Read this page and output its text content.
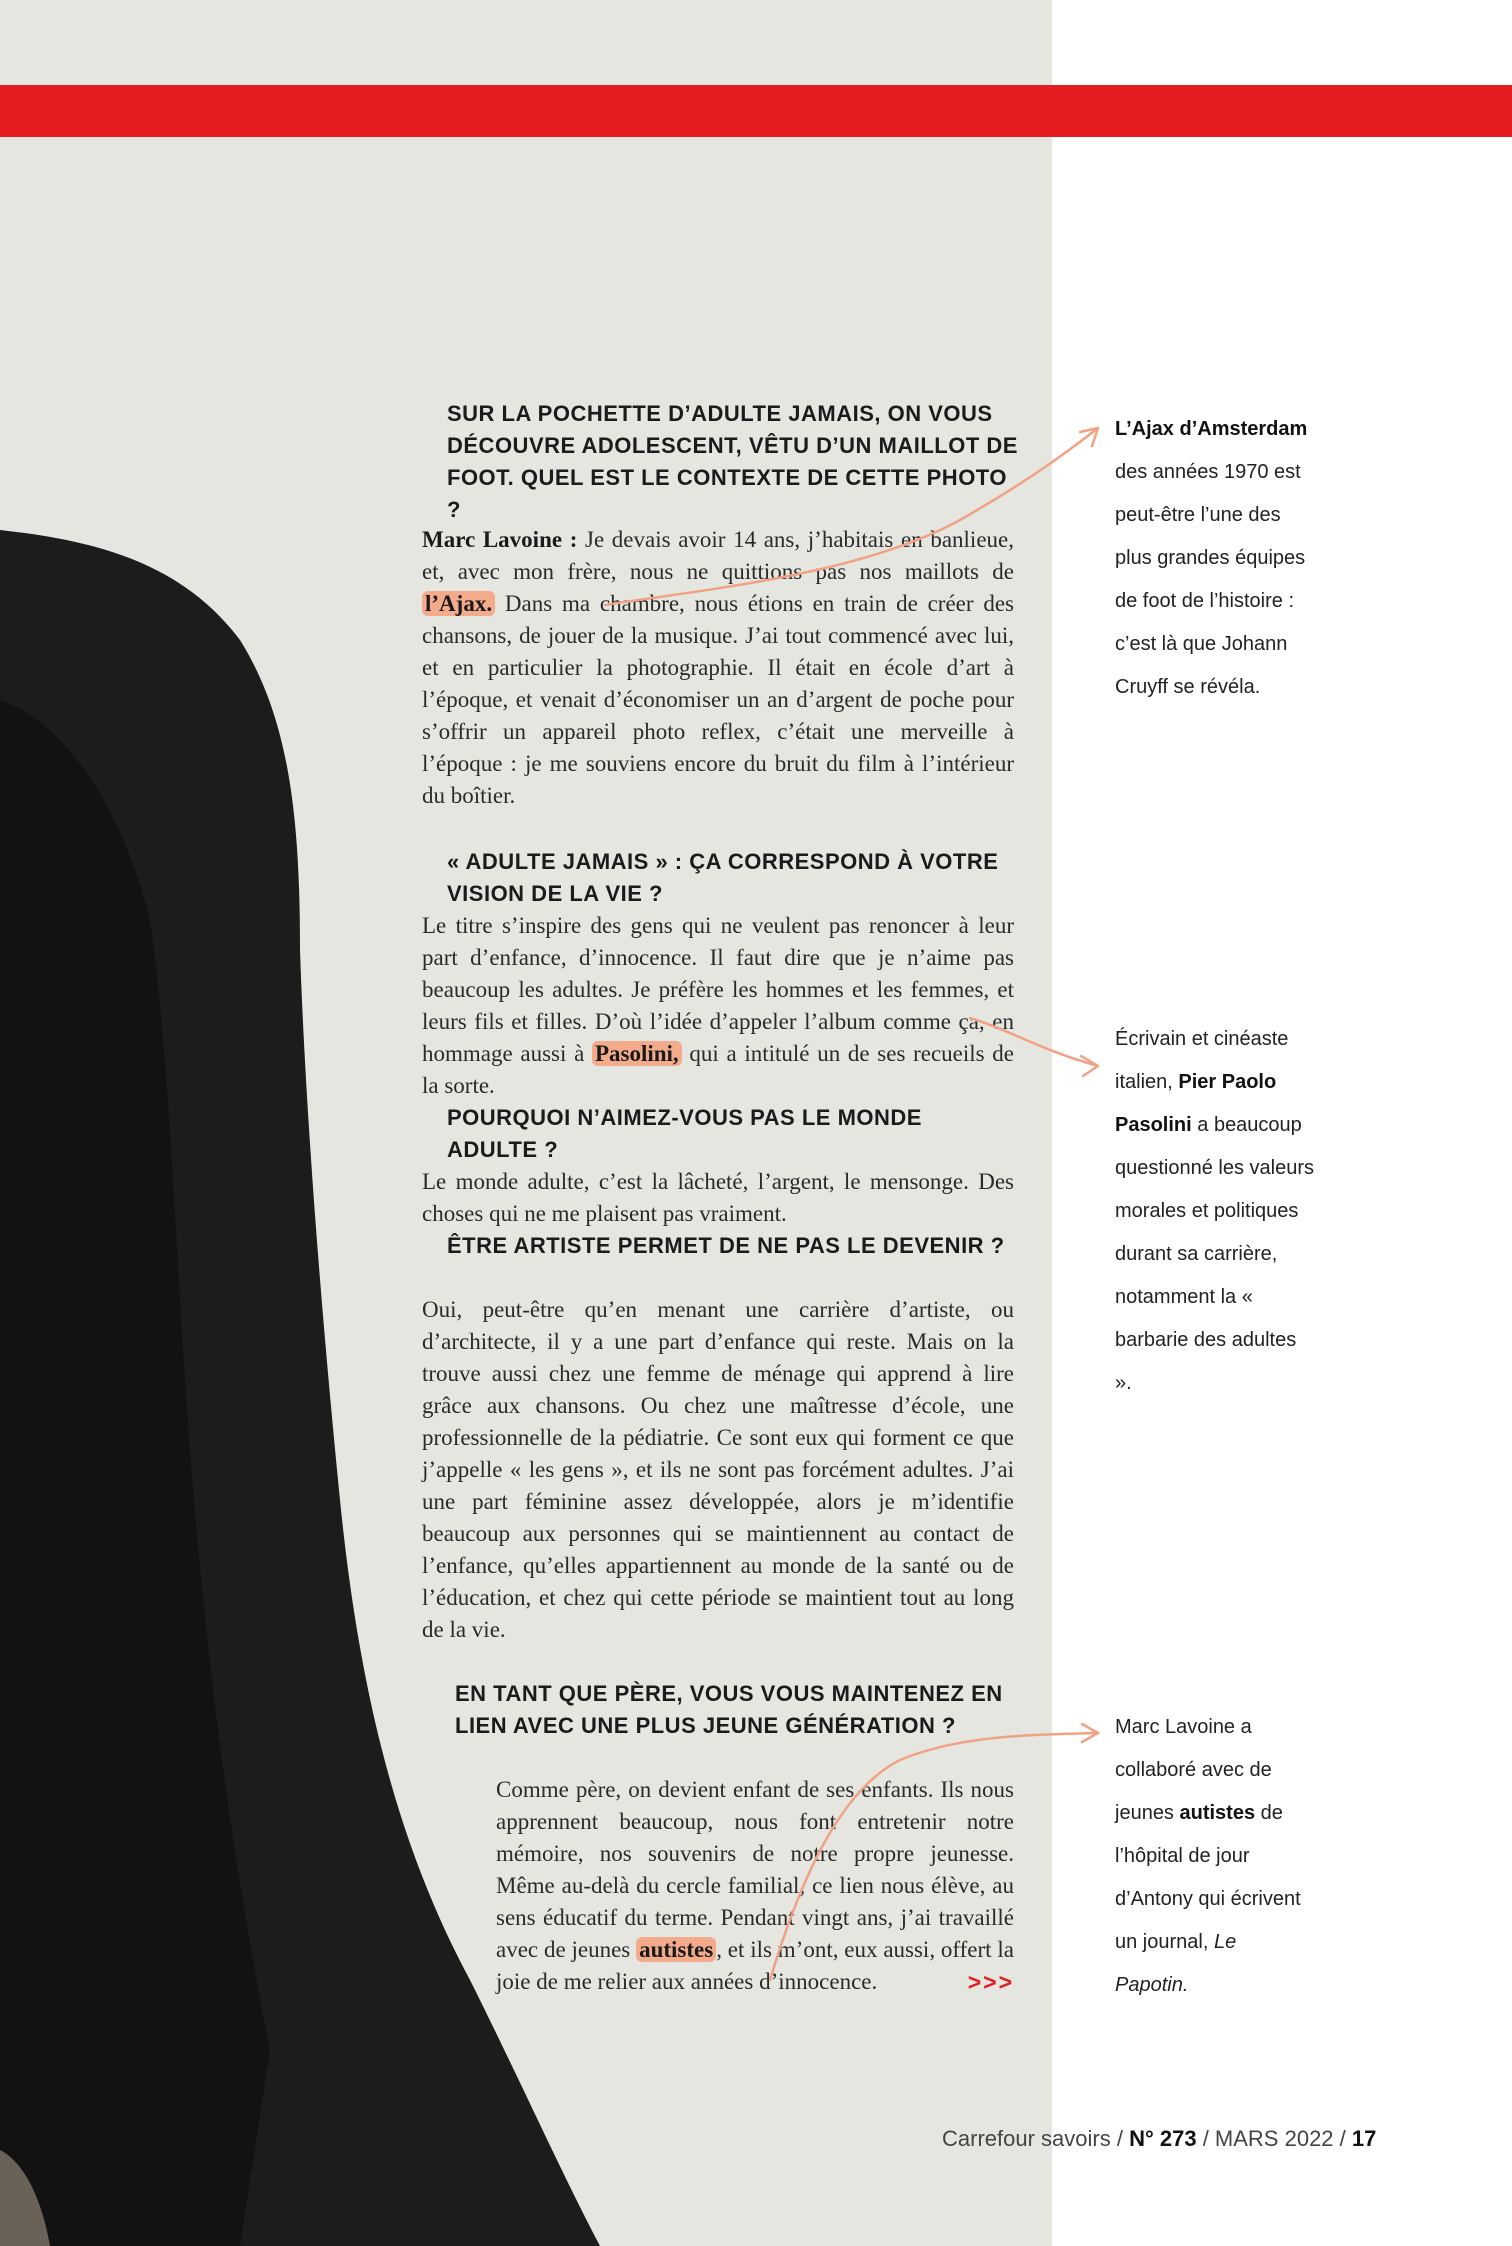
SUR LA POCHETTE D’ADULTE JAMAIS, ON VOUS DÉCOUVRE ADOLESCENT, VÊTU D’UN MAILLOT DE FOOT. QUEL EST LE CONTEXTE DE CETTE PHOTO ?
Marc Lavoine : Je devais avoir 14 ans, j’habitais en banlieue, et, avec mon frère, nous ne quittions pas nos maillots de l’Ajax. Dans ma chambre, nous étions en train de créer des chansons, de jouer de la musique. J’ai tout commencé avec lui, et en particulier la photographie. Il était en école d’art à l’époque, et venait d’économiser un an d’argent de poche pour s’offrir un appareil photo reflex, c’était une merveille à l’époque : je me souviens encore du bruit du film à l’intérieur du boîtier.
« ADULTE JAMAIS » : ÇA CORRESPOND À VOTRE VISION DE LA VIE ?
Le titre s’inspire des gens qui ne veulent pas renoncer à leur part d’enfance, d’innocence. Il faut dire que je n’aime pas beaucoup les adultes. Je préfère les hommes et les femmes, et leurs fils et filles. D’où l’idée d’appeler l’album comme ça, en hommage aussi à Pasolini, qui a intitulé un de ses recueils de la sorte.
POURQUOI N’AIMEZ-VOUS PAS LE MONDE ADULTE ?
Le monde adulte, c’est la lâcheté, l’argent, le mensonge. Des choses qui ne me plaisent pas vraiment.
ÊTRE ARTISTE PERMET DE NE PAS LE DEVENIR ?
Oui, peut-être qu’en menant une carrière d’artiste, ou d’architecte, il y a une part d’enfance qui reste. Mais on la trouve aussi chez une femme de ménage qui apprend à lire grâce aux chansons. Ou chez une maîtresse d’école, une professionnelle de la pédiatrie. Ce sont eux qui forment ce que j’appelle « les gens », et ils ne sont pas forcément adultes. J’ai une part féminine assez développée, alors je m’identifie beaucoup aux personnes qui se maintiennent au contact de l’enfance, qu’elles appartiennent au monde de la santé ou de l’éducation, et chez qui cette période se maintient tout au long de la vie.
EN TANT QUE PÈRE, VOUS VOUS MAINTENEZ EN LIEN AVEC UNE PLUS JEUNE GÉNÉRATION ?
Comme père, on devient enfant de ses enfants. Ils nous apprennent beaucoup, nous font entretenir notre mémoire, nos souvenirs de notre propre jeunesse. Même au-delà du cercle familial, ce lien nous élève, au sens éducatif du terme. Pendant vingt ans, j’ai travaillé avec de jeunes autistes , et ils m’ont, eux aussi, offert la joie de me relier aux années d’innocence.	>>>
L’Ajax d’Amsterdam des années 1970 est peut-être l’une des plus grandes équipes de foot de l’histoire : c’est là que Johann Cruyff se révéla.
Écrivain et cinéaste italien, Pier Paolo Pasolini a beaucoup questionné les valeurs morales et politiques durant sa carrière, notamment la « barbarie des adultes ».
Marc Lavoine a collaboré avec de jeunes autistes de l’hôpital de jour d’Antony qui écrivent un journal, Le Papotin.
Carrefour savoirs / N° 273 / MARS 2022 / 17
